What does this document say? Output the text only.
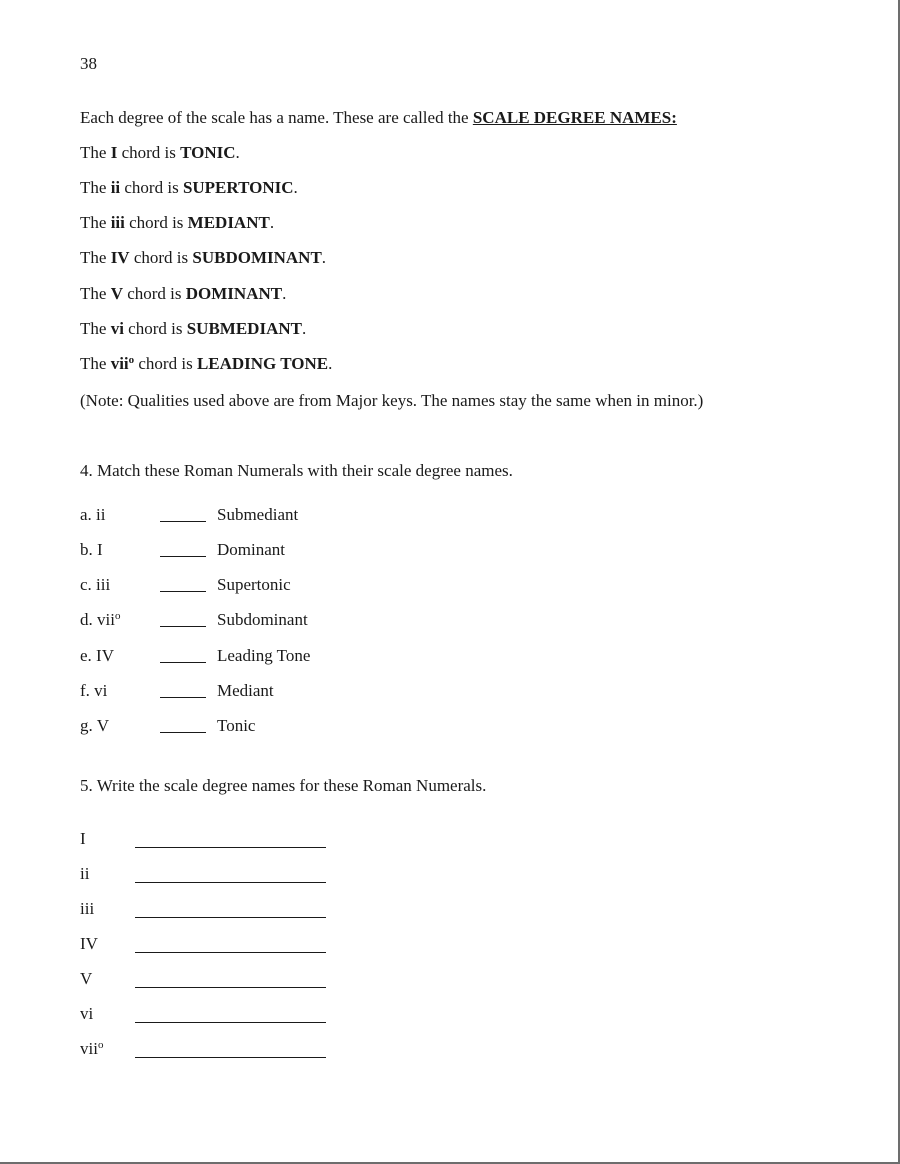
38
Each degree of the scale has a name. These are called the SCALE DEGREE NAMES:
The I chord is TONIC.
The ii chord is SUPERTONIC.
The iii chord is MEDIANT.
The IV chord is SUBDOMINANT.
The V chord is DOMINANT.
The vi chord is SUBMEDIANT.
The vii$^o$ chord is LEADING TONE.
(Note: Qualities used above are from Major keys. The names stay the same when in minor.)
4. Match these Roman Numerals with their scale degree names.
a. ii	Submediant
b. I	Dominant
c. iii	Supertonic
d. vii$^o$	Subdominant
e. IV	Leading Tone
f. vi	Mediant
g. V	Tonic
5. Write the scale degree names for these Roman Numerals.
I
ii
iii
IV
V
vi
vii$^o$
